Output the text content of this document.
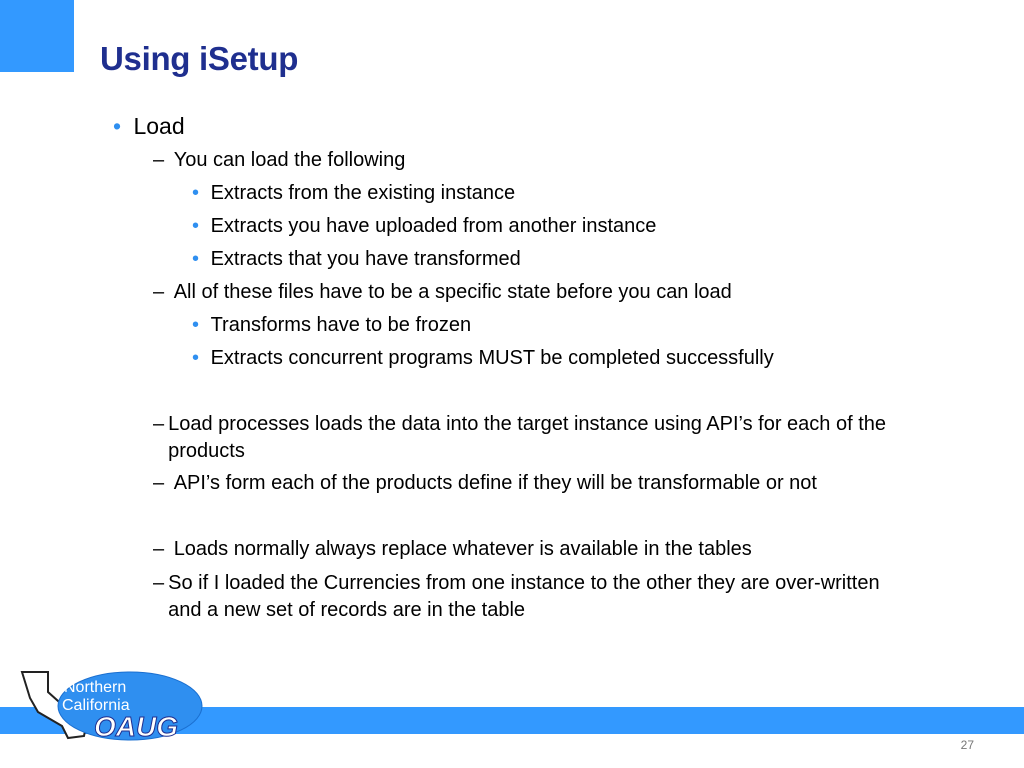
Using iSetup
• Load
– You can load the following
• Extracts from the existing instance
• Extracts you have uploaded from another instance
• Extracts that you have transformed
– All of these files have to be a specific state before you can load
• Transforms have to be frozen
• Extracts concurrent programs MUST be completed successfully
– Load processes loads the data into the target instance using API’s for each of the products
– API’s form each of the products define if they will be transformable or not
– Loads normally always replace whatever is available in the tables
– So if I loaded the Currencies from one instance to the other they are over-written and a new set of records are in the table
Northern
California
OAUG
27
